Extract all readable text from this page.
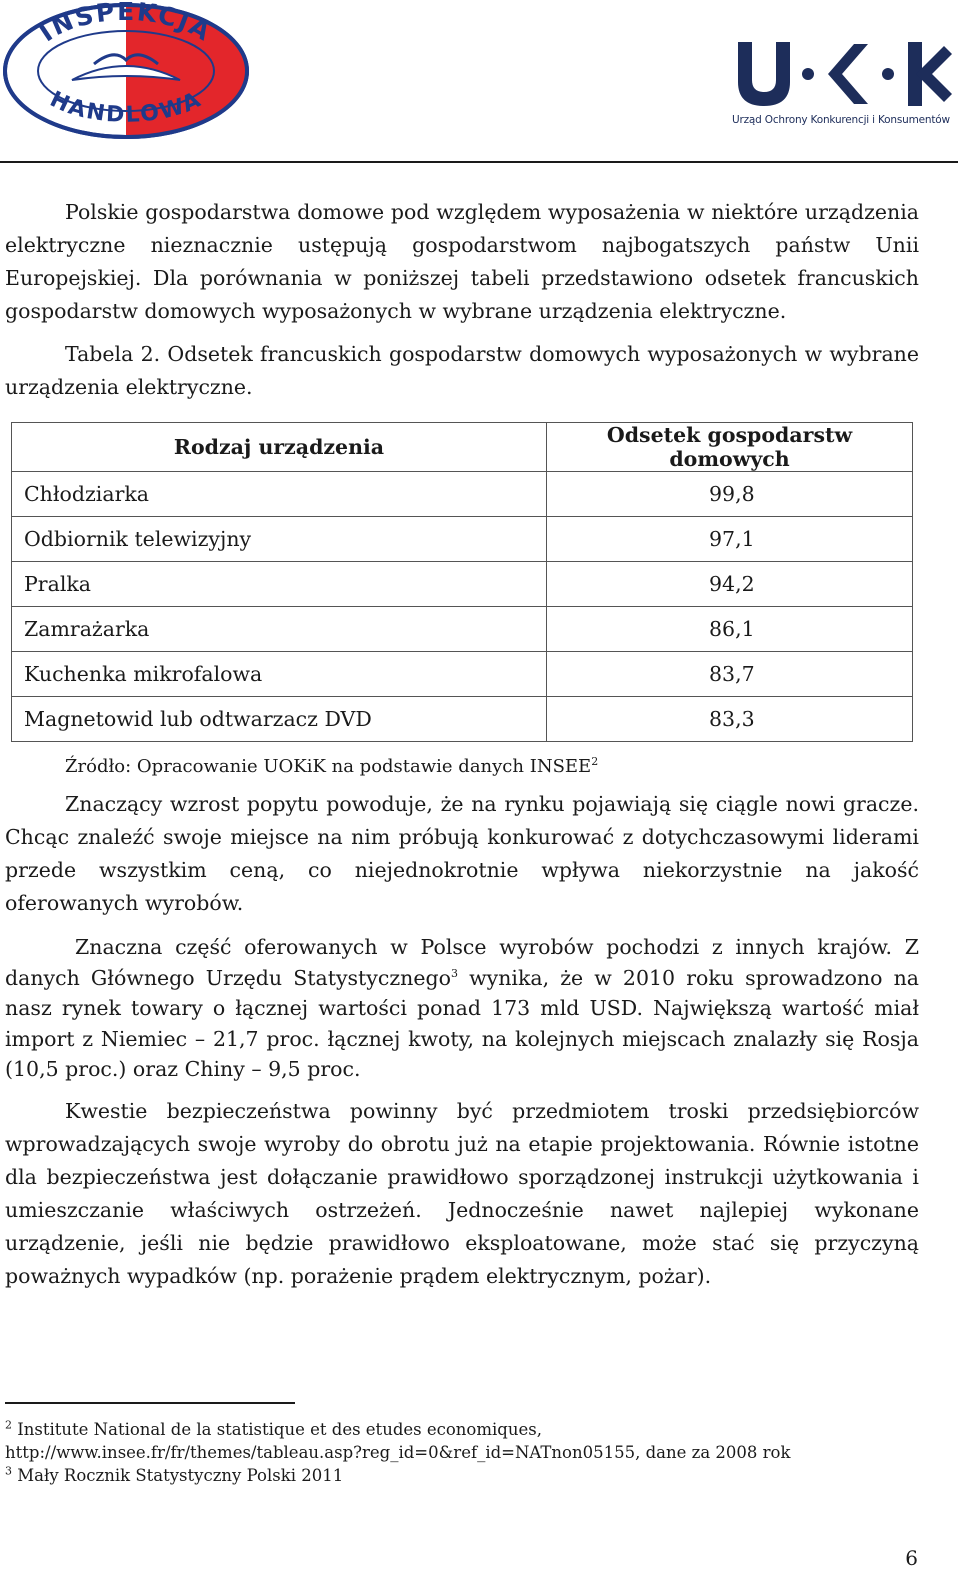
INSPEKCJA
HANDLOWA
Urząd Ochrony Konkurencji i Konsumentów

Polskie gospodarstwa domowe pod względem wyposażenia w niektóre urządzenia elektryczne nieznacznie ustępują gospodarstwom najbogatszych państw Unii Europejskiej. Dla porównania w poniższej tabeli przedstawiono odsetek francuskich gospodarstw domowych wyposażonych w wybrane urządzenia elektryczne.

Tabela 2. Odsetek francuskich gospodarstw domowych wyposażonych w wybrane urządzenia elektryczne.

Rodzaj urządzenia	Odsetek gospodarstw domowych
Chłodziarka	99,8
Odbiornik telewizyjny	97,1
Pralka	94,2
Zamrażarka	86,1
Kuchenka mikrofalowa	83,7
Magnetowid lub odtwarzacz DVD	83,3
Źródło: Opracowanie UOKiK na podstawie danych INSEE$^2$

Znaczący wzrost popytu powoduje, że na rynku pojawiają się ciągle nowi gracze. Chcąc znaleźć swoje miejsce na nim próbują konkurować z dotychczasowymi liderami przede wszystkim ceną, co niejednokrotnie wpływa niekorzystnie na jakość oferowanych wyrobów.

Znaczna część oferowanych w Polsce wyrobów pochodzi z innych krajów. Z danych Głównego Urzędu Statystycznego$^3$ wynika, że w 2010 roku sprowadzono na nasz rynek towary o łącznej wartości ponad 173 mld USD. Największą wartość miał import z Niemiec – 21,7 proc. łącznej kwoty, na kolejnych miejscach znalazły się Rosja (10,5 proc.) oraz Chiny – 9,5 proc.

Kwestie bezpieczeństwa powinny być przedmiotem troski przedsiębiorców wprowadzających swoje wyroby do obrotu już na etapie projektowania. Równie istotne dla bezpieczeństwa jest dołączanie prawidłowo sporządzonej instrukcji użytkowania i umieszczanie właściwych ostrzeżeń. Jednocześnie nawet najlepiej wykonane urządzenie, jeśli nie będzie prawidłowo eksploatowane, może stać się przyczyną poważnych wypadków (np. porażenie prądem elektrycznym, pożar).

$^2$ Institute National de la statistique et des etudes economiques,
http://www.insee.fr/fr/themes/tableau.asp?reg_id=0&ref_id=NATnon05155, dane za 2008 rok
$^3$ Mały Rocznik Statystyczny Polski 2011
6
